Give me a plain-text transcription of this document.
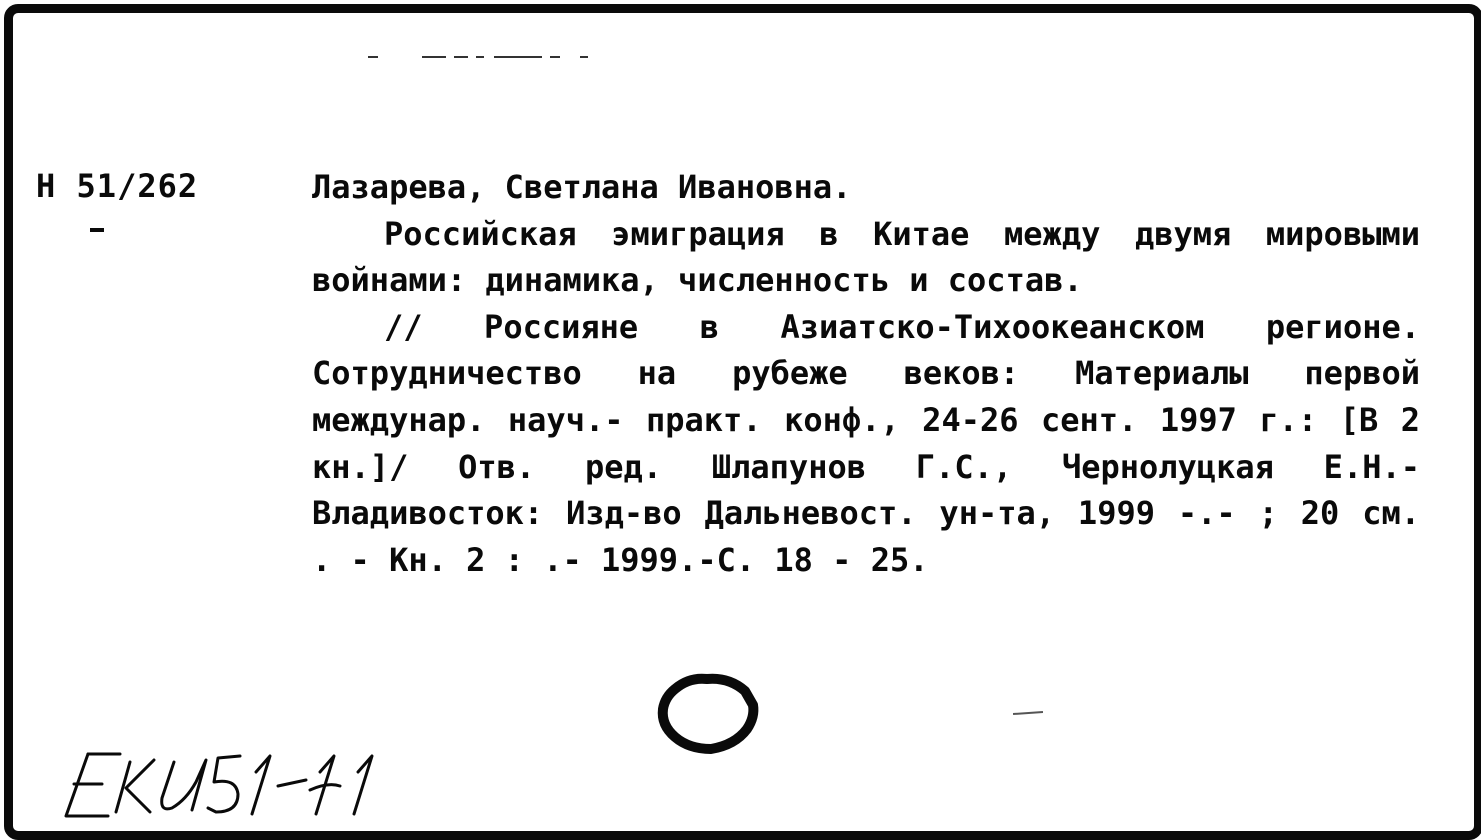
Н 51/262	Лазарева, Светлана Ивановна.

Российская эмиграция в Китае между двумя мировыми войнами: динамика, численность и состав.

// Россияне в Азиатско-Тихоокеанском регионе. Сотрудничество на рубеже веков: Материалы первой междунар. науч.- практ. конф., 24-26 сент. 1997 г.: [В 2 кн.]/ Отв. ред. Шлапунов Г.С., Чернолуцкая Е.Н.- Владивосток: Изд-во Дальневост. ун-та, 1999 -.- ; 20 см. . - Кн. 2 : .- 1999.-С. 18 - 25.
